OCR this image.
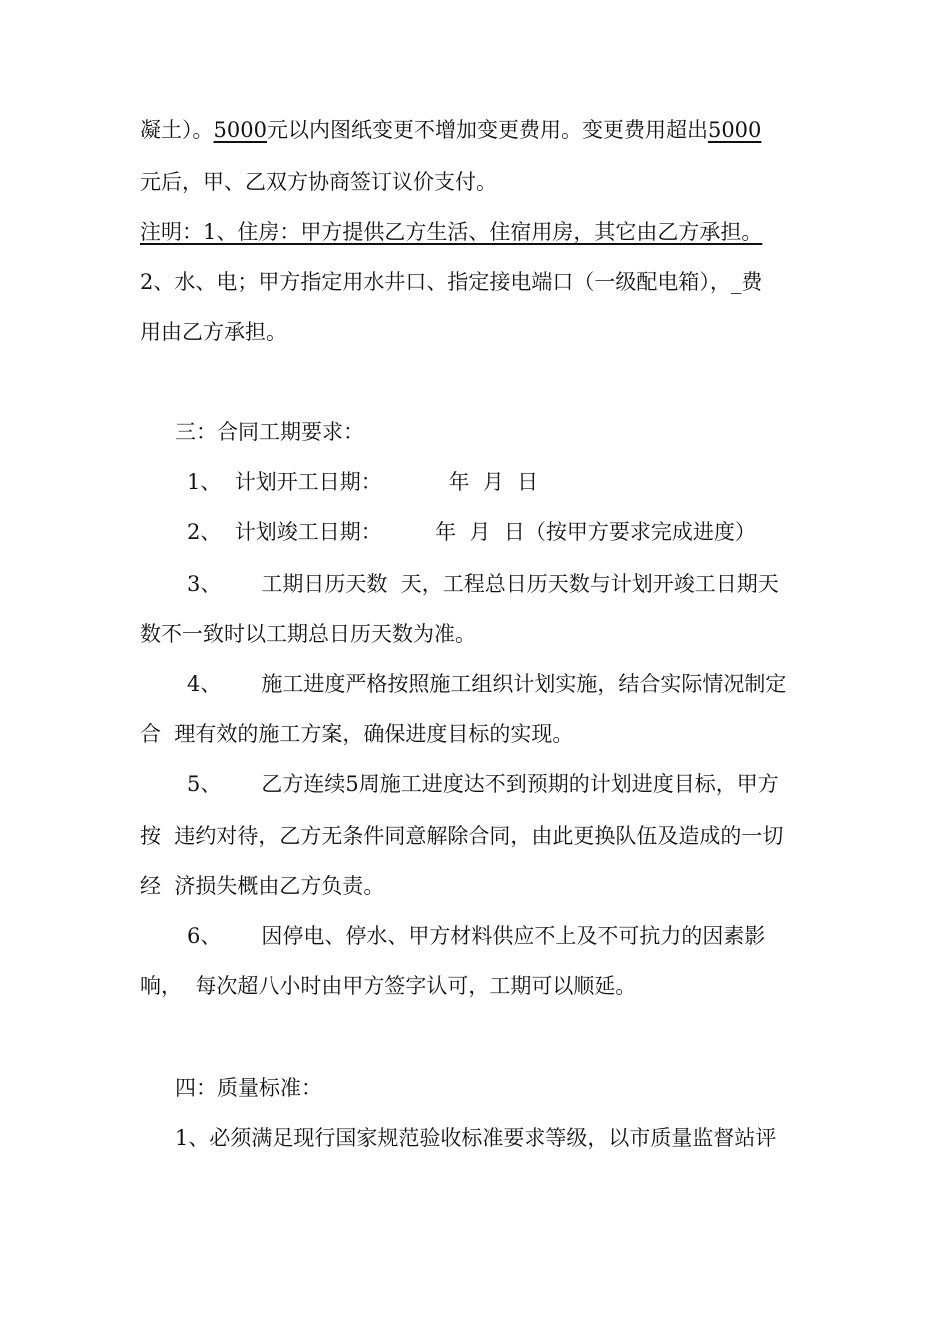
凝土）。5000元以内图纸变更不增加变更费用。变更费用超出5000
元后，甲、乙双方协商签订议价支付。
注明：1、住房：甲方提供乙方生活、住宿用房，其它由乙方承担。
2、水、电；甲方指定用水井口、指定接电端口（一级配电箱），_费
用由乙方承担。
三：合同工期要求：
1、  计划开工日期：          年  月  日
2、  计划竣工日期：        年  月  日（按甲方要求完成进度）
3、      工期日历天数  天，工程总日历天数与计划开竣工日期天
数不一致时以工期总日历天数为准。
4、      施工进度严格按照施工组织计划实施，结合实际情况制定
合  理有效的施工方案，确保进度目标的实现。
5、      乙方连续5周施工进度达不到预期的计划进度目标，甲方
按  违约对待，乙方无条件同意解除合同，由此更换队伍及造成的一切
经  济损失概由乙方负责。
6、      因停电、停水、甲方材料供应不上及不可抗力的因素影
响，  每次超八小时由甲方签字认可，工期可以顺延。
四：质量标准：
1、必须满足现行国家规范验收标准要求等级，以市质量监督站评
